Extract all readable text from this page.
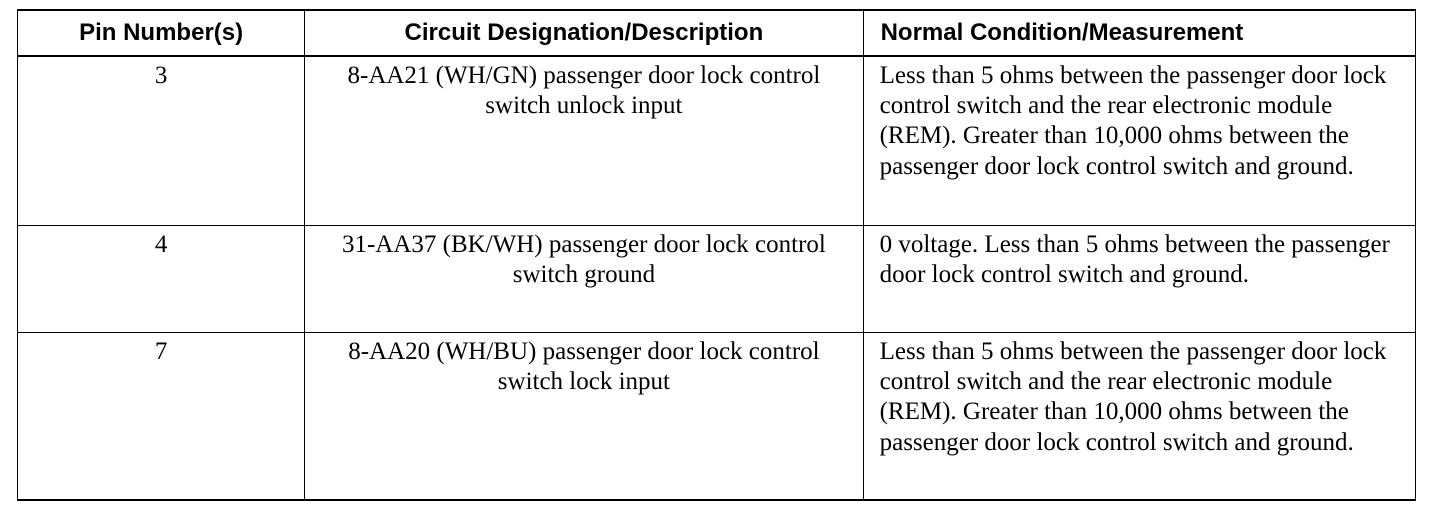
Pin Number(s)	Circuit Designation/Description	Normal Condition/Measurement
3	8-AA21 (WH/GN) passenger door lock control switch unlock input	Less than 5 ohms between the passenger door lock control switch and the rear electronic module (REM). Greater than 10,000 ohms between the passenger door lock control switch and ground.
4	31-AA37 (BK/WH) passenger door lock control switch ground	0 voltage. Less than 5 ohms between the passenger door lock control switch and ground.
7	8-AA20 (WH/BU) passenger door lock control switch lock input	Less than 5 ohms between the passenger door lock control switch and the rear electronic module (REM). Greater than 10,000 ohms between the passenger door lock control switch and ground.
